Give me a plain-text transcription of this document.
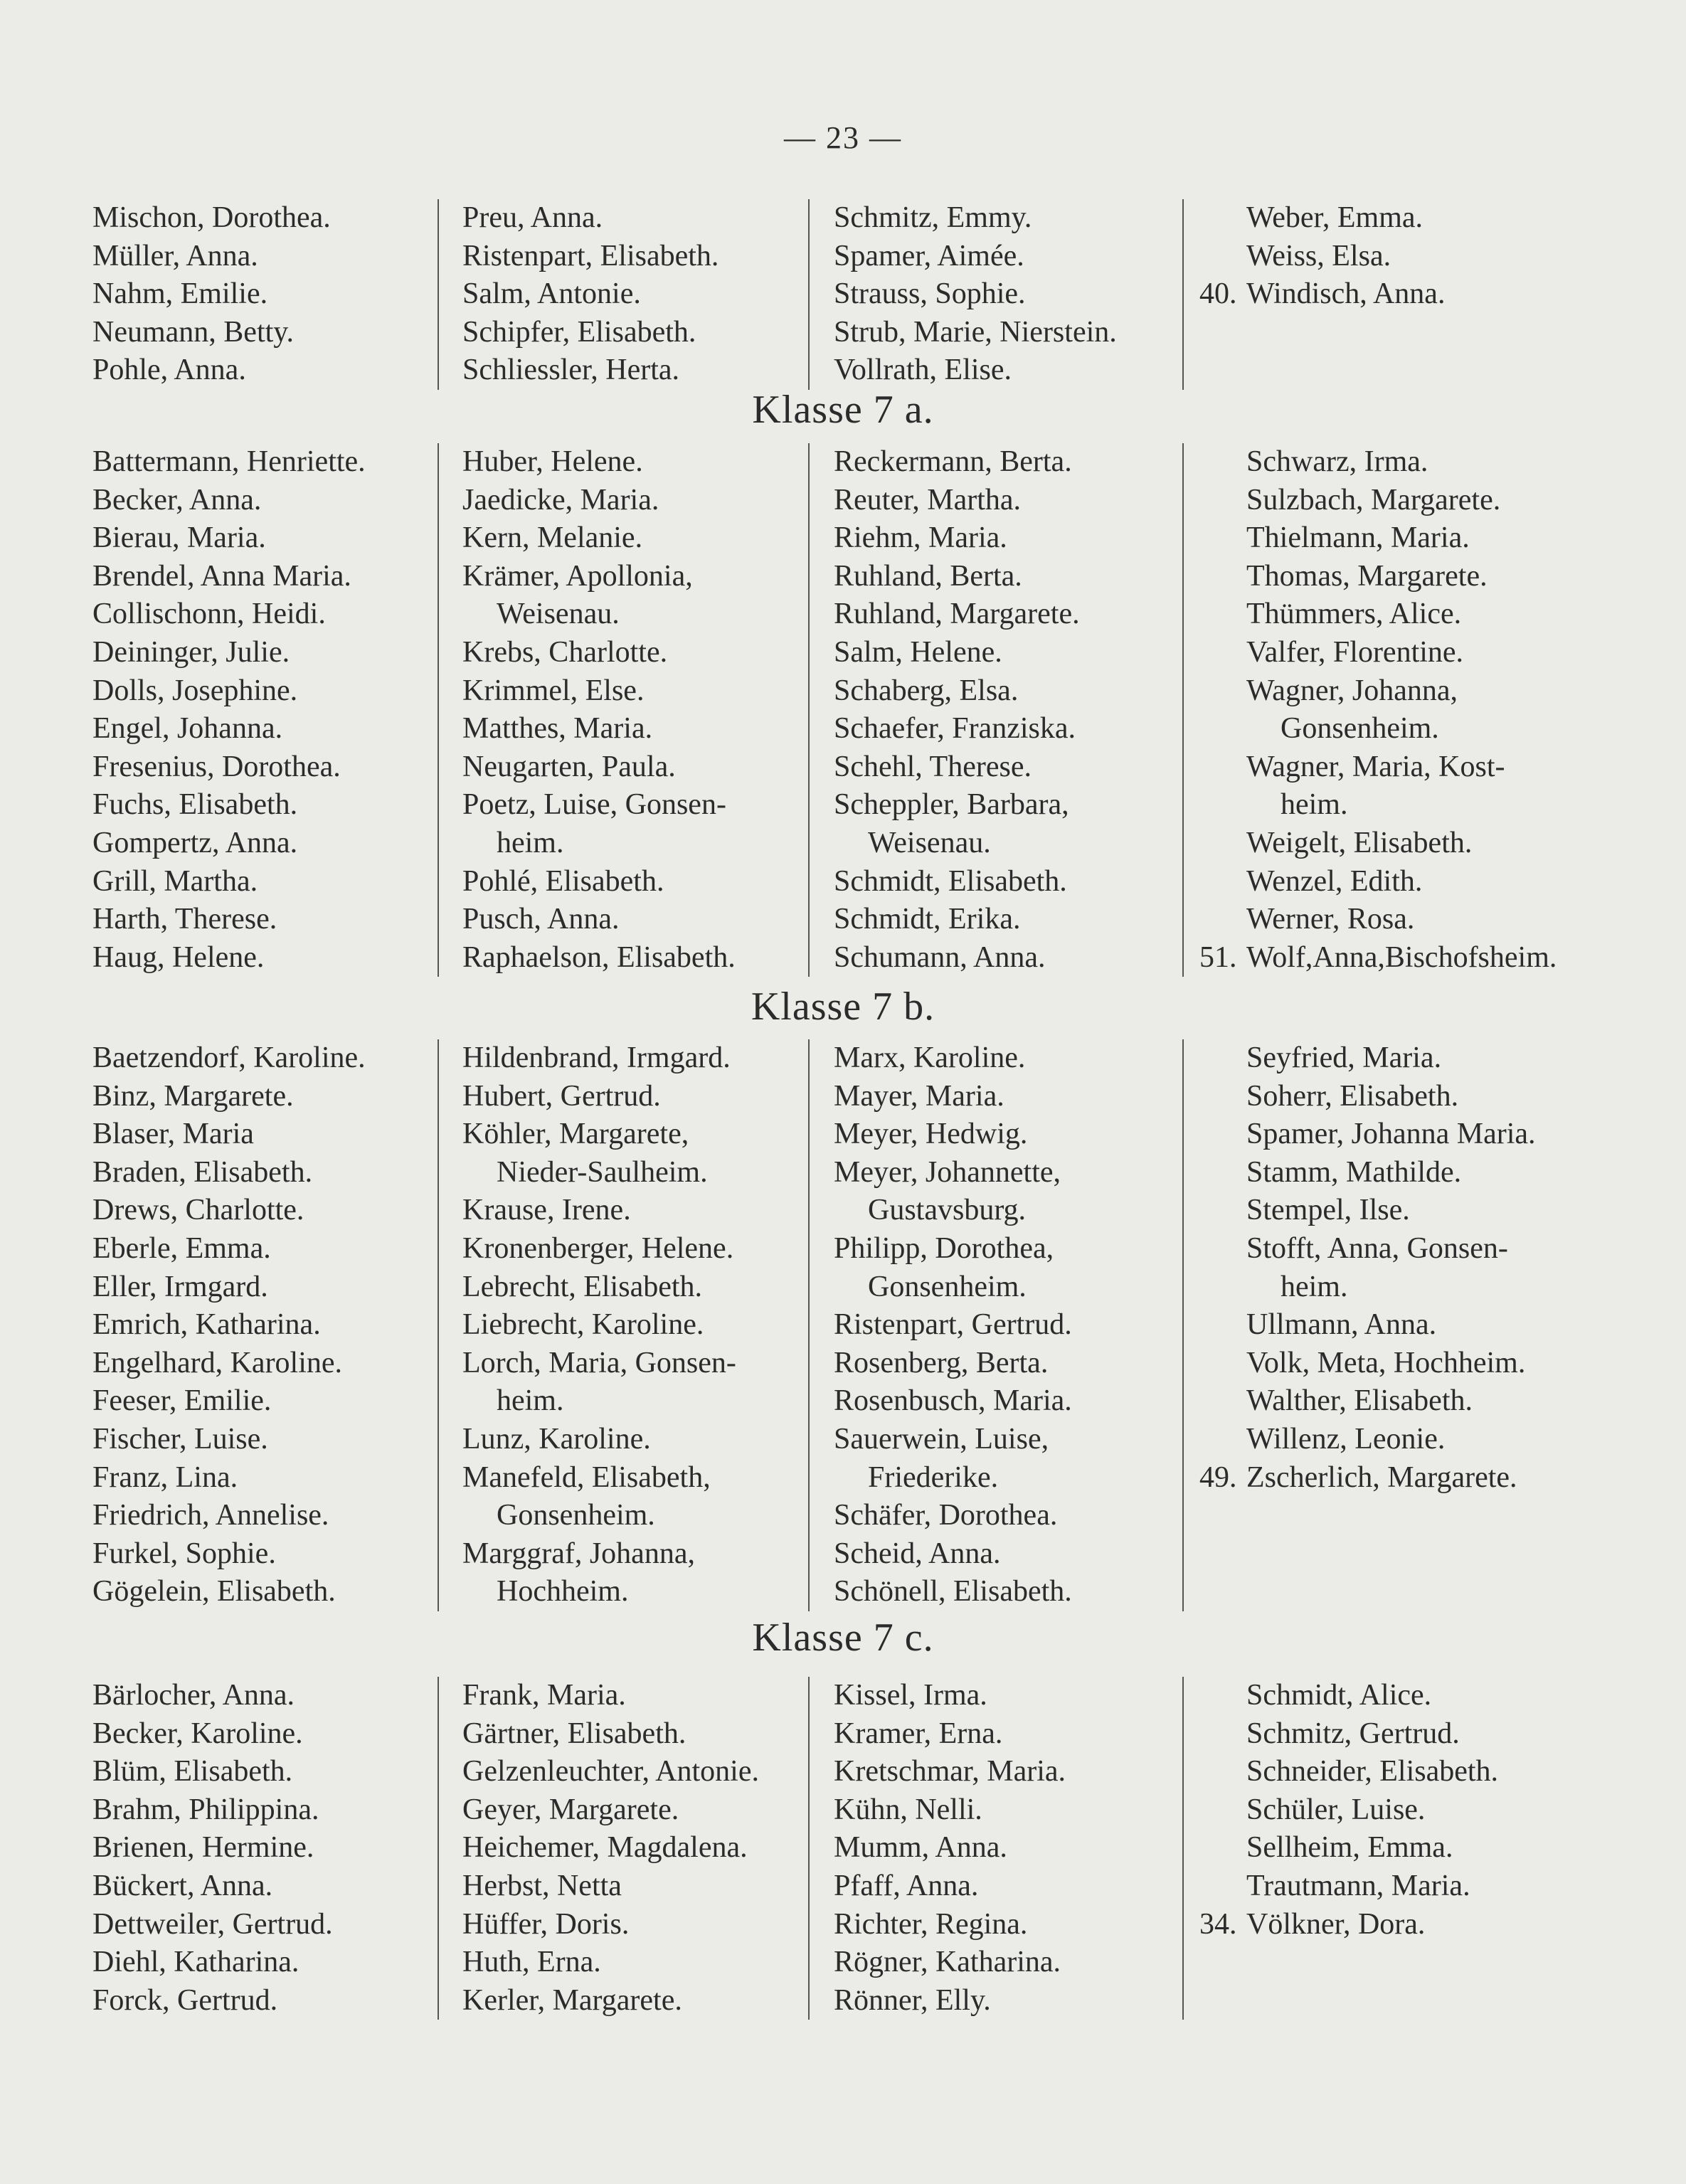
— 23 —
Mischon, Dorothea.
Müller, Anna.
Nahm, Emilie.
Neumann, Betty.
Pohle, Anna.
Preu, Anna.
Ristenpart, Elisabeth.
Salm, Antonie.
Schipfer, Elisabeth.
Schliessler, Herta.
Schmitz, Emmy.
Spamer, Aimée.
Strauss, Sophie.
Strub, Marie, Nierstein.
Vollrath, Elise.
Weber, Emma.
Weiss, Elsa.
Windisch, Anna.
40.
Klasse 7 a.
Battermann, Henriette.
Becker, Anna.
Bierau, Maria.
Brendel, Anna Maria.
Collischonn, Heidi.
Deininger, Julie.
Dolls, Josephine.
Engel, Johanna.
Fresenius, Dorothea.
Fuchs, Elisabeth.
Gompertz, Anna.
Grill, Martha.
Harth, Therese.
Haug, Helene.
Huber, Helene.
Jaedicke, Maria.
Kern, Melanie.
Krämer, Apollonia,
Weisenau.
Krebs, Charlotte.
Krimmel, Else.
Matthes, Maria.
Neugarten, Paula.
Poetz, Luise, Gonsen-
heim.
Pohlé, Elisabeth.
Pusch, Anna.
Raphaelson, Elisabeth.
Reckermann, Berta.
Reuter, Martha.
Riehm, Maria.
Ruhland, Berta.
Ruhland, Margarete.
Salm, Helene.
Schaberg, Elsa.
Schaefer, Franziska.
Schehl, Therese.
Scheppler, Barbara,
Weisenau.
Schmidt, Elisabeth.
Schmidt, Erika.
Schumann, Anna.
Schwarz, Irma.
Sulzbach, Margarete.
Thielmann, Maria.
Thomas, Margarete.
Thümmers, Alice.
Valfer, Florentine.
Wagner, Johanna,
Gonsenheim.
Wagner, Maria, Kost-
heim.
Weigelt, Elisabeth.
Wenzel, Edith.
Werner, Rosa.
Wolf,Anna,Bischofsheim.
51.
Klasse 7 b.
Baetzendorf, Karoline.
Binz, Margarete.
Blaser, Maria
Braden, Elisabeth.
Drews, Charlotte.
Eberle, Emma.
Eller, Irmgard.
Emrich, Katharina.
Engelhard, Karoline.
Feeser, Emilie.
Fischer, Luise.
Franz, Lina.
Friedrich, Annelise.
Furkel, Sophie.
Gögelein, Elisabeth.
Hildenbrand, Irmgard.
Hubert, Gertrud.
Köhler, Margarete,
Nieder-Saulheim.
Krause, Irene.
Kronenberger, Helene.
Lebrecht, Elisabeth.
Liebrecht, Karoline.
Lorch, Maria, Gonsen-
heim.
Lunz, Karoline.
Manefeld, Elisabeth,
Gonsenheim.
Marggraf, Johanna,
Hochheim.
Marx, Karoline.
Mayer, Maria.
Meyer, Hedwig.
Meyer, Johannette,
Gustavsburg.
Philipp, Dorothea,
Gonsenheim.
Ristenpart, Gertrud.
Rosenberg, Berta.
Rosenbusch, Maria.
Sauerwein, Luise,
Friederike.
Schäfer, Dorothea.
Scheid, Anna.
Schönell, Elisabeth.
Seyfried, Maria.
Soherr, Elisabeth.
Spamer, Johanna Maria.
Stamm, Mathilde.
Stempel, Ilse.
Stofft, Anna, Gonsen-
heim.
Ullmann, Anna.
Volk, Meta, Hochheim.
Walther, Elisabeth.
Willenz, Leonie.
Zscherlich, Margarete.
49.
Klasse 7 c.
Bärlocher, Anna.
Becker, Karoline.
Blüm, Elisabeth.
Brahm, Philippina.
Brienen, Hermine.
Bückert, Anna.
Dettweiler, Gertrud.
Diehl, Katharina.
Forck, Gertrud.
Frank, Maria.
Gärtner, Elisabeth.
Gelzenleuchter, Antonie.
Geyer, Margarete.
Heichemer, Magdalena.
Herbst, Netta
Hüffer, Doris.
Huth, Erna.
Kerler, Margarete.
Kissel, Irma.
Kramer, Erna.
Kretschmar, Maria.
Kühn, Nelli.
Mumm, Anna.
Pfaff, Anna.
Richter, Regina.
Rögner, Katharina.
Rönner, Elly.
Schmidt, Alice.
Schmitz, Gertrud.
Schneider, Elisabeth.
Schüler, Luise.
Sellheim, Emma.
Trautmann, Maria.
Völkner, Dora.
34.
